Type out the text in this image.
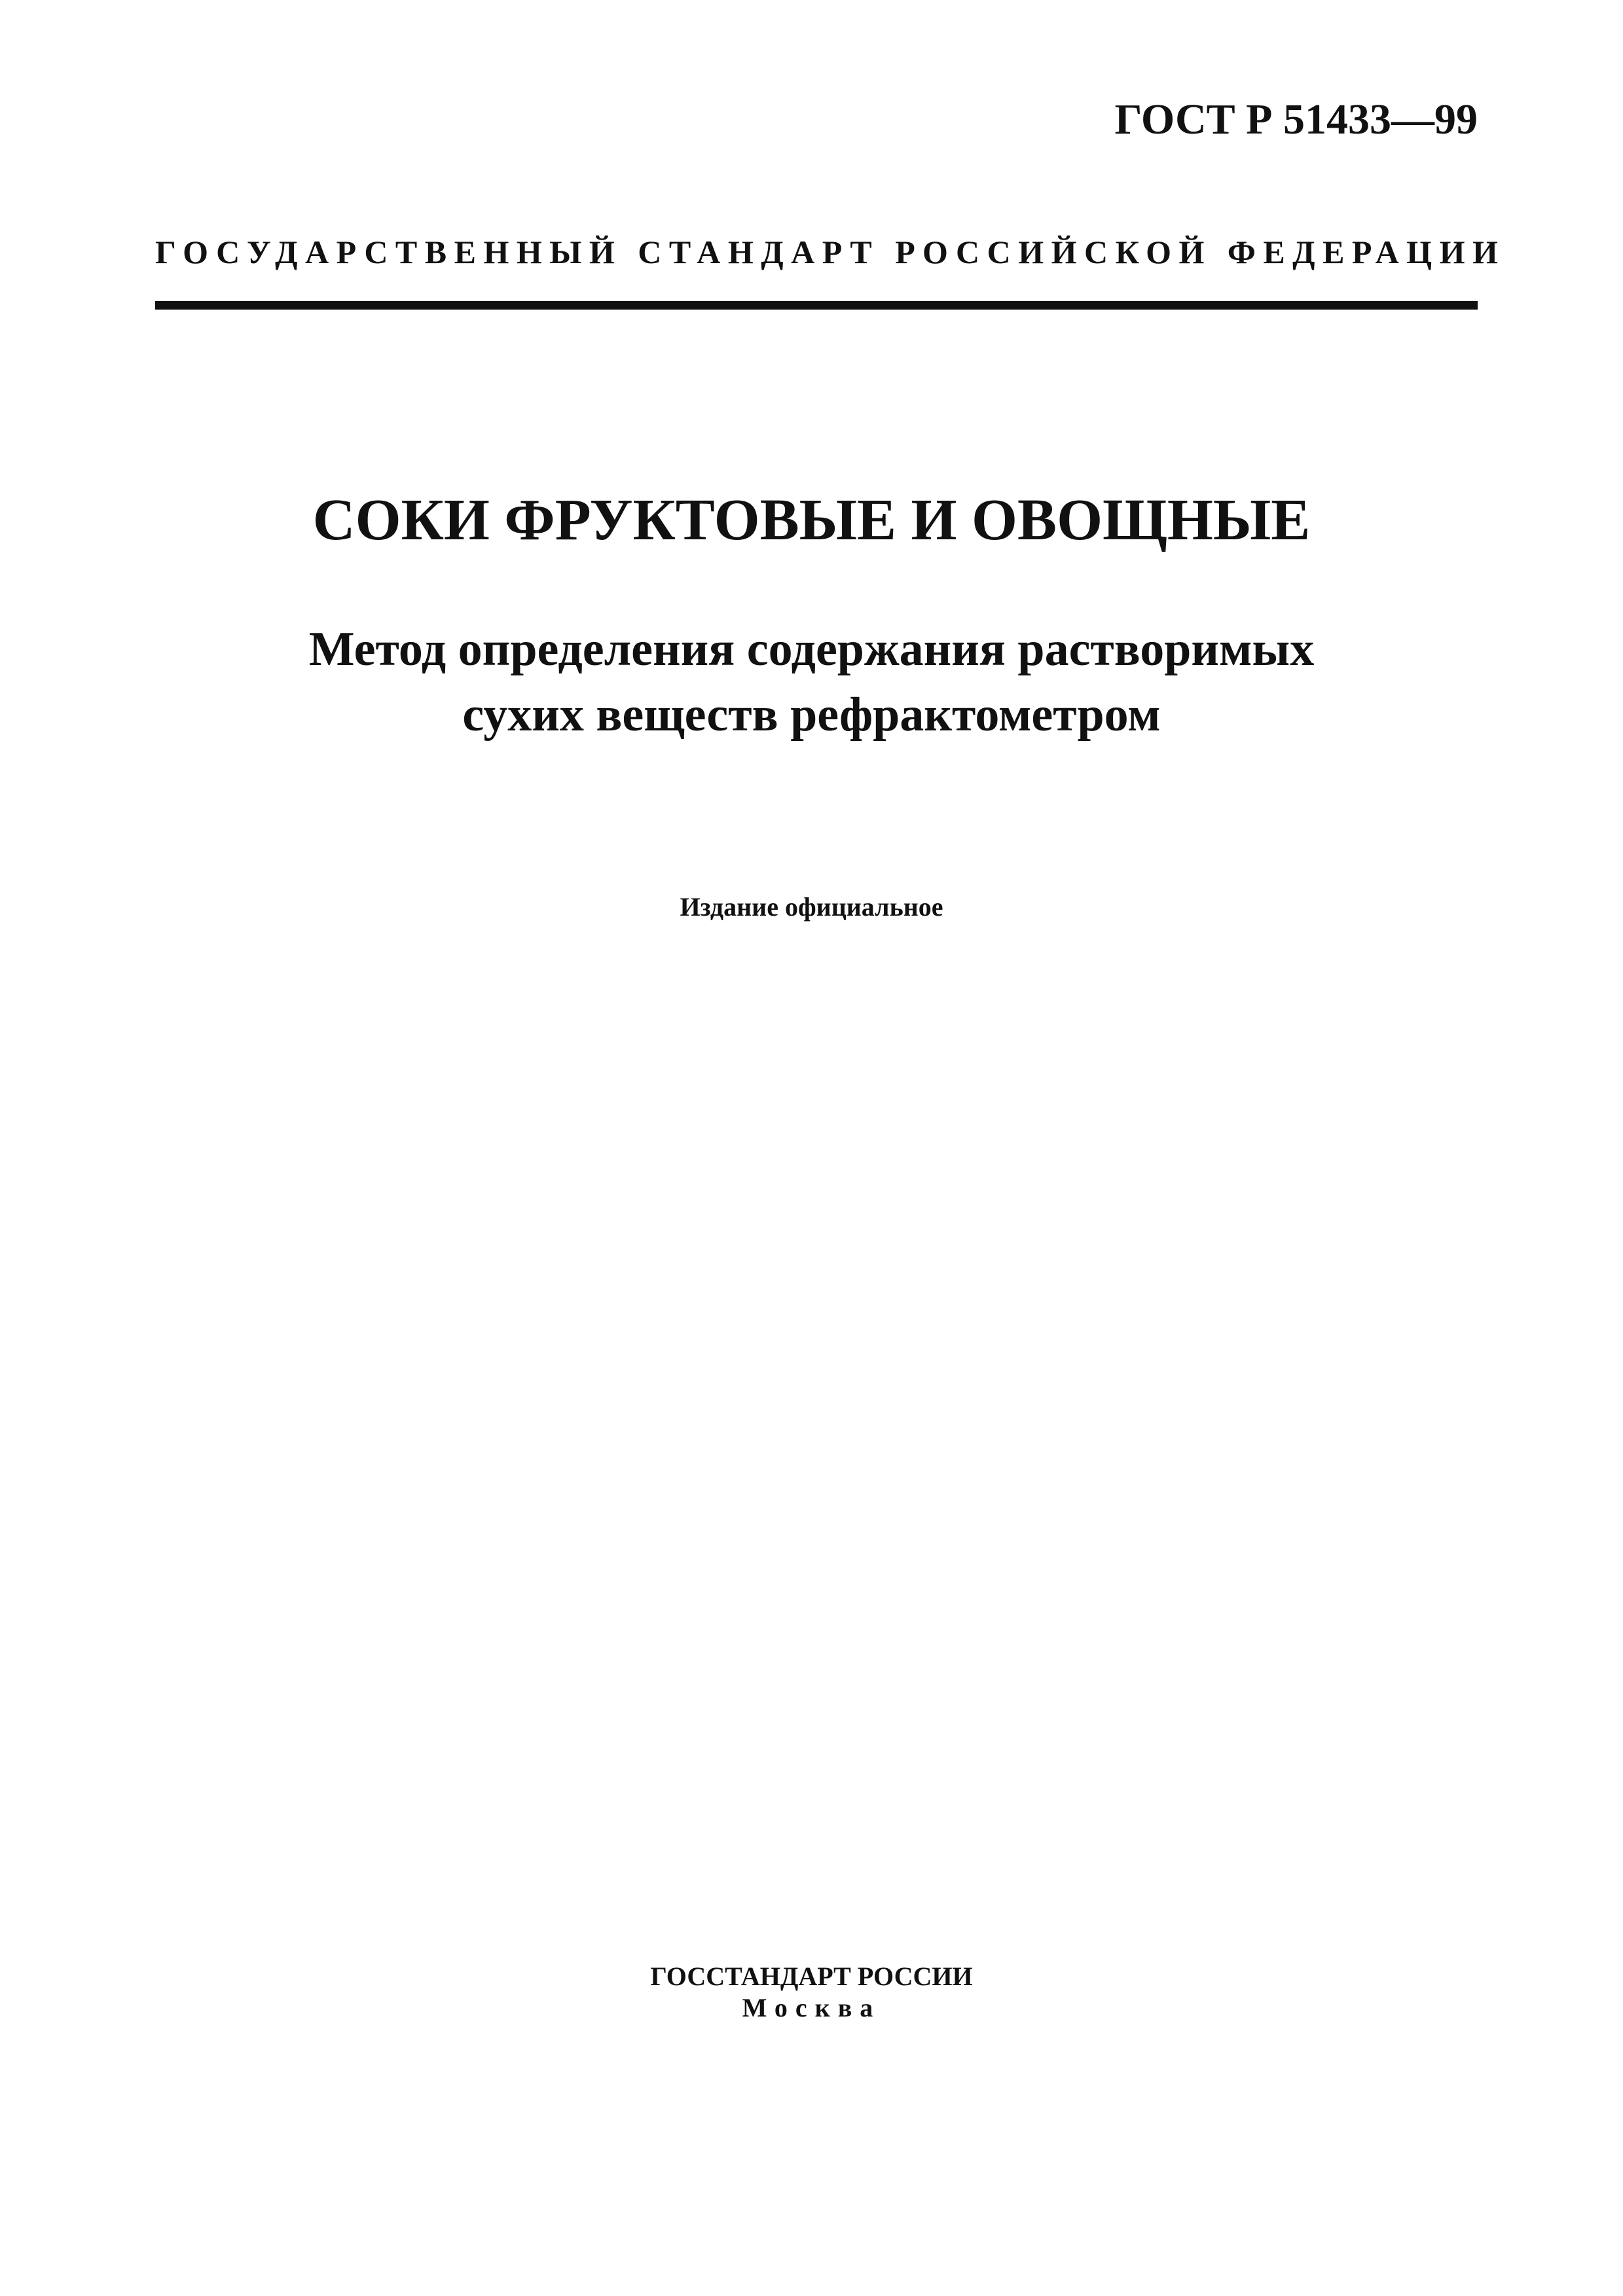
ГОСТ Р 51433—99
ГОСУДАРСТВЕННЫЙ СТАНДАРТ РОССИЙСКОЙ ФЕДЕРАЦИИ
СОКИ ФРУКТОВЫЕ И ОВОЩНЫЕ
Метод определения содержания растворимых
сухих веществ рефрактометром
Издание официальное
ГОССТАНДАРТ РОССИИ
Москва
